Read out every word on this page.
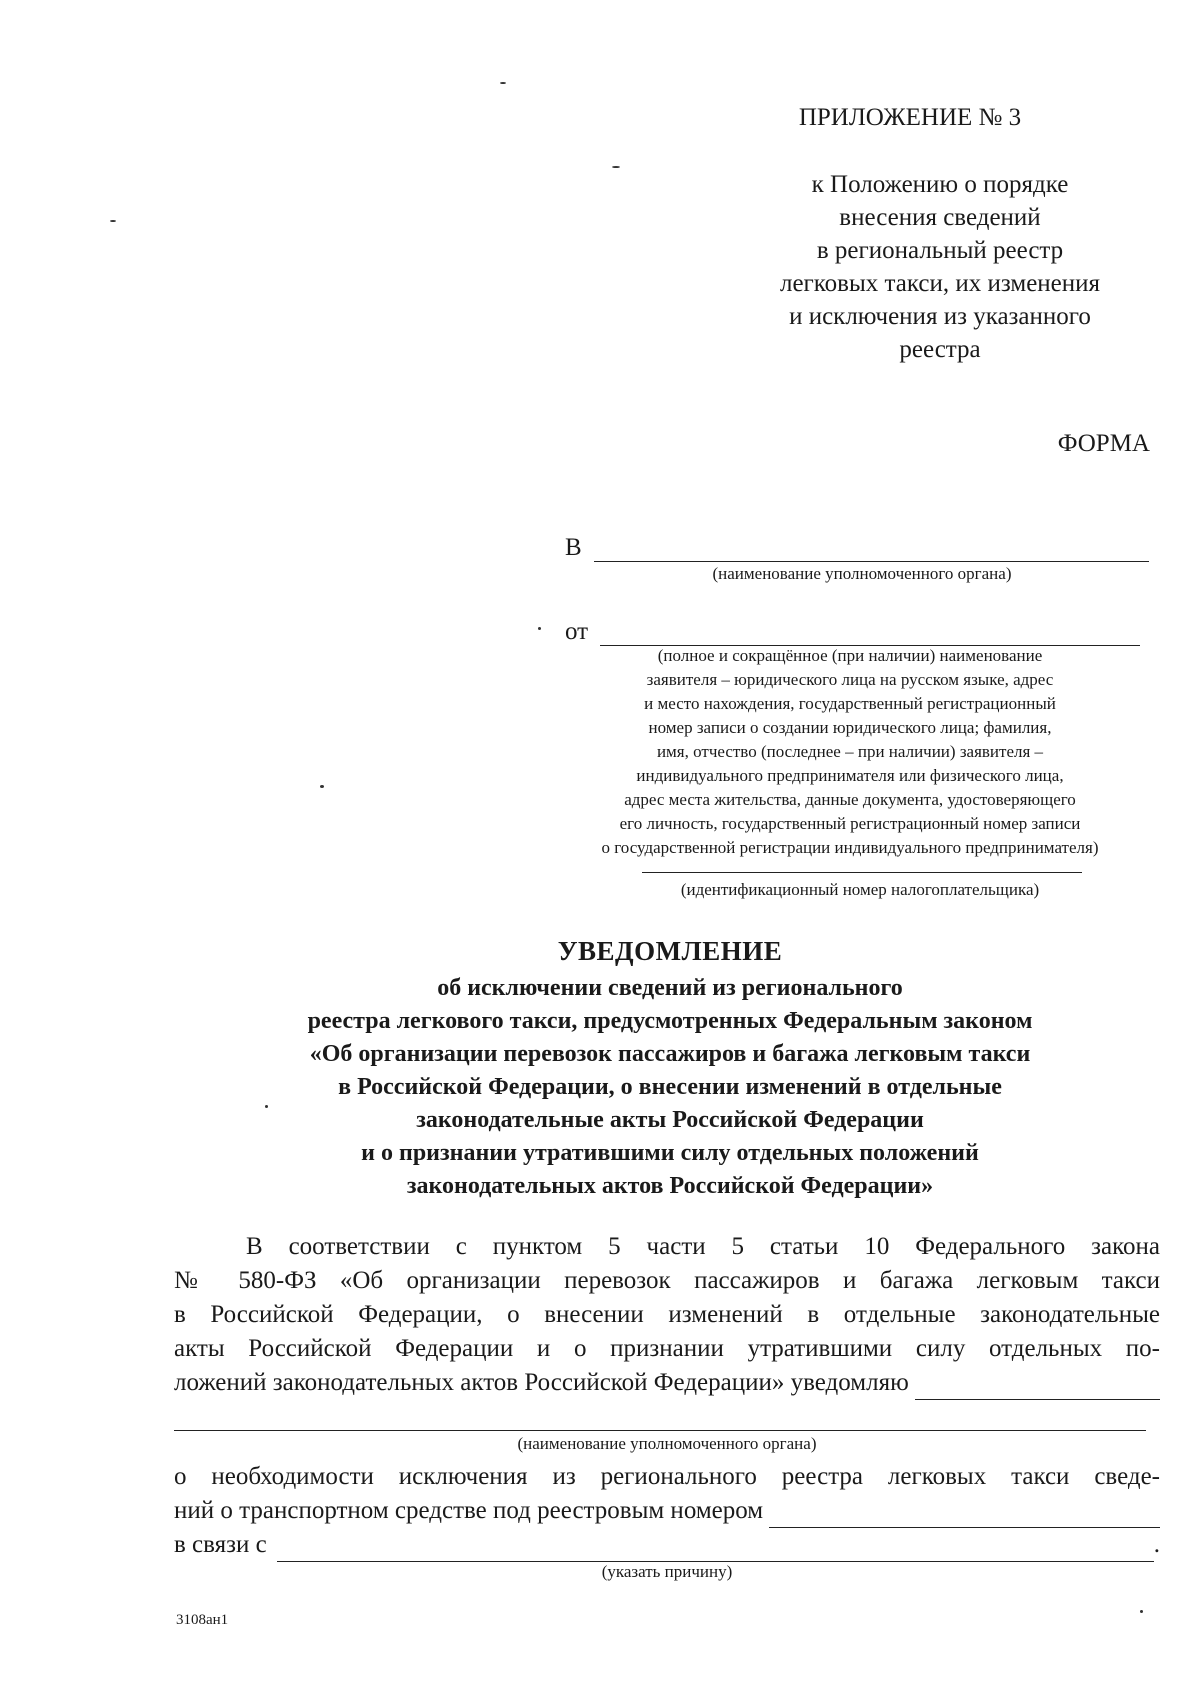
ПРИЛОЖЕНИЕ № 3
к Положению о порядке
внесения сведений
в региональный реестр
легковых такси, их изменения
и исключения из указанного
реестра
ФОРМА
В
(наименование уполномоченного органа)
от
(полное и сокращённое (при наличии) наименование
заявителя – юридического лица на русском языке, адрес
и место нахождения, государственный регистрационный
номер записи о создании юридического лица; фамилия,
имя, отчество (последнее – при наличии) заявителя –
индивидуального предпринимателя или физического лица,
адрес места жительства, данные документа, удостоверяющего
его личность, государственный регистрационный номер записи
о государственной регистрации индивидуального предпринимателя)
(идентификационный номер налогоплательщика)
УВЕДОМЛЕНИЕ
об исключении сведений из регионального
реестра легкового такси, предусмотренных Федеральным законом
«Об организации перевозок пассажиров и багажа легковым такси
в Российской Федерации, о внесении изменений в отдельные
законодательные акты Российской Федерации
и о признании утратившими силу отдельных положений
законодательных актов Российской Федерации»
В соответствии с пунктом 5 части 5 статьи 10 Федерального закона
№ 580-ФЗ «Об организации перевозок пассажиров и багажа легковым такси
в Российской Федерации, о внесении изменений в отдельные законодательные
акты Российской Федерации и о признании утратившими силу отдельных по-
ложений законодательных актов Российской Федерации» уведомляю
(наименование уполномоченного органа)
о необходимости исключения из регионального реестра легковых такси сведе-
ний о транспортном средстве под реестровым номером
в связи с	.
(указать причину)
3108ан1
